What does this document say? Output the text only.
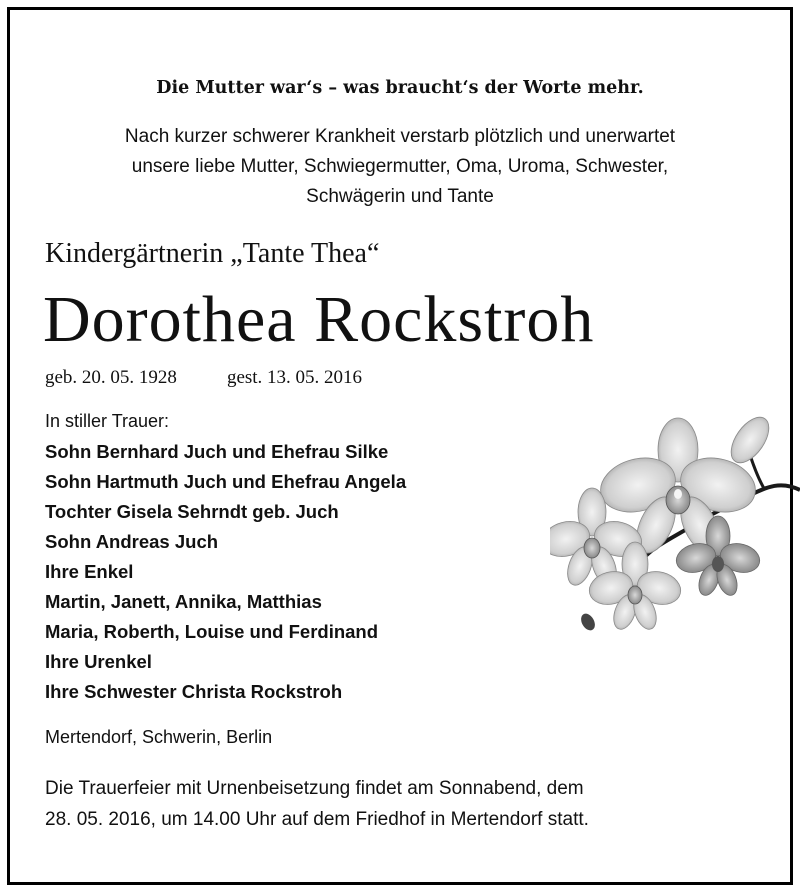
Die Mutter war‘s – was braucht‘s der Worte mehr.
Nach kurzer schwerer Krankheit verstarb plötzlich und unerwartet
unsere liebe Mutter, Schwiegermutter, Oma, Uroma, Schwester,
Schwägerin und Tante
Kindergärtnerin „Tante Thea“
Dorothea Rockstroh
geb. 20. 05. 1928	gest. 13. 05. 2016
In stiller Trauer:
Sohn Bernhard Juch und Ehefrau Silke
Sohn Hartmuth Juch und Ehefrau Angela
Tochter Gisela Sehrndt geb. Juch
Sohn Andreas Juch
Ihre Enkel
Martin, Janett, Annika, Matthias
Maria, Roberth, Louise und Ferdinand
Ihre Urenkel
Ihre Schwester Christa Rockstroh
Mertendorf, Schwerin, Berlin
Die Trauerfeier mit Urnenbeisetzung findet am Sonnabend, dem
28. 05. 2016, um 14.00 Uhr auf dem Friedhof in Mertendorf statt.
